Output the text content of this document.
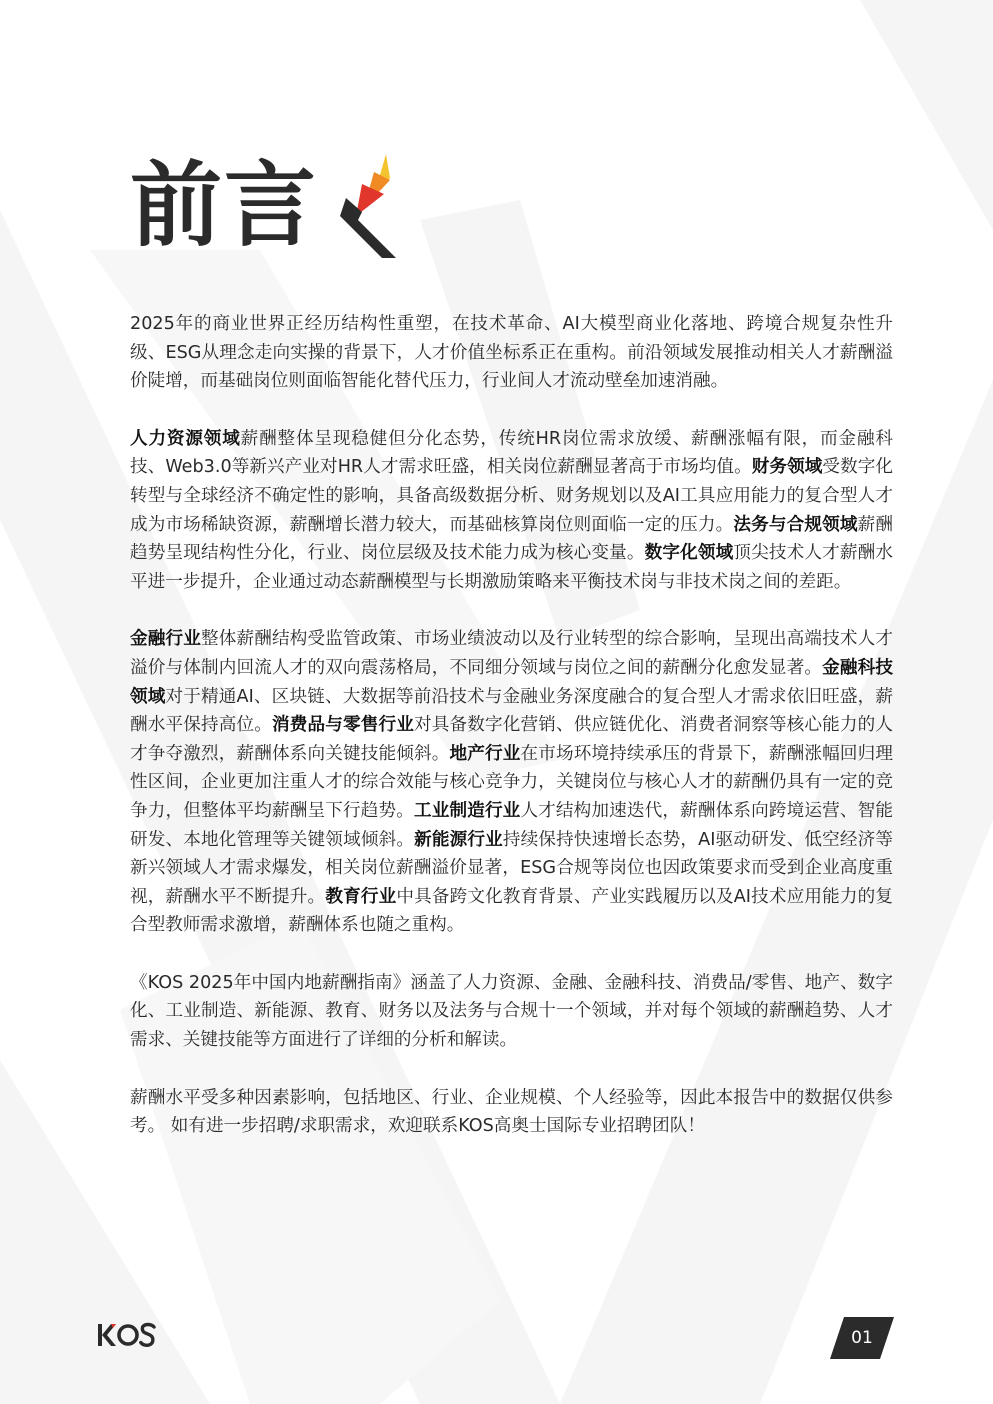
前言

2025年的商业世界正经历结构性重塑，在技术革命、AI大模型商业化落地、跨境合规复杂性升级、ESG从理念走向实操的背景下，人才价值坐标系正在重构。前沿领域发展推动相关人才薪酬溢价陡增，而基础岗位则面临智能化替代压力，行业间人才流动壁垒加速消融。

人力资源领域薪酬整体呈现稳健但分化态势，传统HR岗位需求放缓、薪酬涨幅有限，而金融科技、Web3.0等新兴产业对HR人才需求旺盛，相关岗位薪酬显著高于市场均值。财务领域受数字化转型与全球经济不确定性的影响，具备高级数据分析、财务规划以及AI工具应用能力的复合型人才成为市场稀缺资源，薪酬增长潜力较大，而基础核算岗位则面临一定的压力。法务与合规领域薪酬趋势呈现结构性分化，行业、岗位层级及技术能力成为核心变量。数字化领域顶尖技术人才薪酬水平进一步提升，企业通过动态薪酬模型与长期激励策略来平衡技术岗与非技术岗之间的差距。

金融行业整体薪酬结构受监管政策、市场业绩波动以及行业转型的综合影响，呈现出高端技术人才溢价与体制内回流人才的双向震荡格局，不同细分领域与岗位之间的薪酬分化愈发显著。金融科技领域对于精通AI、区块链、大数据等前沿技术与金融业务深度融合的复合型人才需求依旧旺盛，薪酬水平保持高位。消费品与零售行业对具备数字化营销、供应链优化、消费者洞察等核心能力的人才争夺激烈，薪酬体系向关键技能倾斜。地产行业在市场环境持续承压的背景下，薪酬涨幅回归理性区间，企业更加注重人才的综合效能与核心竞争力，关键岗位与核心人才的薪酬仍具有一定的竞争力，但整体平均薪酬呈下行趋势。工业制造行业人才结构加速迭代，薪酬体系向跨境运营、智能研发、本地化管理等关键领域倾斜。新能源行业持续保持快速增长态势，AI驱动研发、低空经济等新兴领域人才需求爆发，相关岗位薪酬溢价显著，ESG合规等岗位也因政策要求而受到企业高度重视，薪酬水平不断提升。教育行业中具备跨文化教育背景、产业实践履历以及AI技术应用能力的复合型教师需求激增，薪酬体系也随之重构。

《KOS 2025年中国内地薪酬指南》涵盖了人力资源、金融、金融科技、消费品/零售、地产、数字化、工业制造、新能源、教育、财务以及法务与合规十一个领域，并对每个领域的薪酬趋势、人才需求、关键技能等方面进行了详细的分析和解读。

薪酬水平受多种因素影响，包括地区、行业、企业规模、个人经验等，因此本报告中的数据仅供参考。 如有进一步招聘/求职需求，欢迎联系KOS高奥士国际专业招聘团队！

01
